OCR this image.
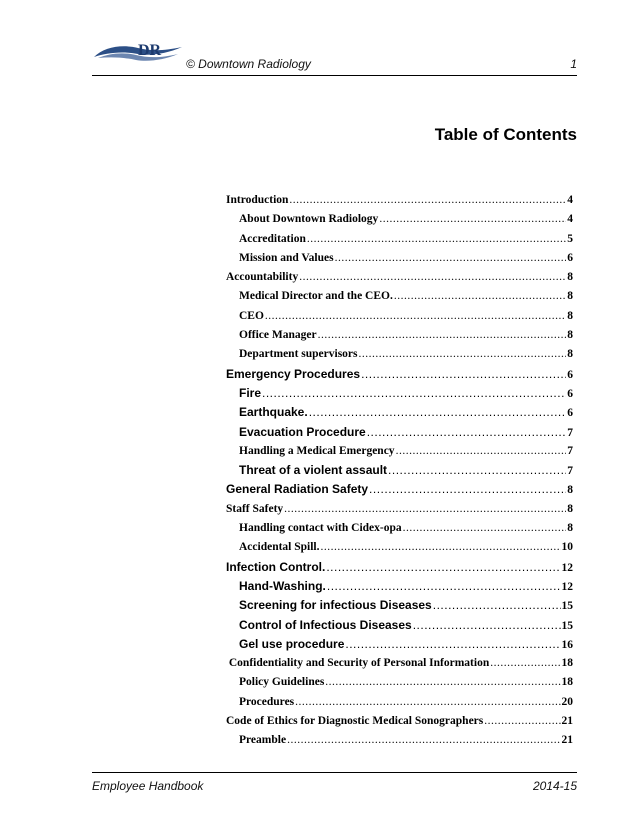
DR
© Downtown Radiology	1
Table of Contents
Introduction .....	4
About Downtown Radiology .....	4
Accreditation .....	5
Mission and Values .....	6
Accountability .....	8
Medical Director and the CEO. .....	8
CEO .....	8
Office Manager .....	8
Department supervisors .....	8
Emergency Procedures .....	6
Fire .....	6
Earthquake. .....	6
Evacuation Procedure .....	7
Handling a Medical Emergency .....	7
Threat of a violent assault .....	7
General Radiation Safety .....	8
Staff Safety .....	8
Handling contact with Cidex-opa .....	8
Accidental Spill. .....	10
Infection Control. .....	12
Hand-Washing. .....	12
Screening for infectious Diseases .....	15
Control of Infectious Diseases .....	15
Gel use procedure .....	16
Confidentiality and Security of Personal Information .....	18
Policy Guidelines .....	18
Procedures .....	20
Code of Ethics for Diagnostic Medical Sonographers .....	21
Preamble .....	21
Employee Handbook	2014-15
